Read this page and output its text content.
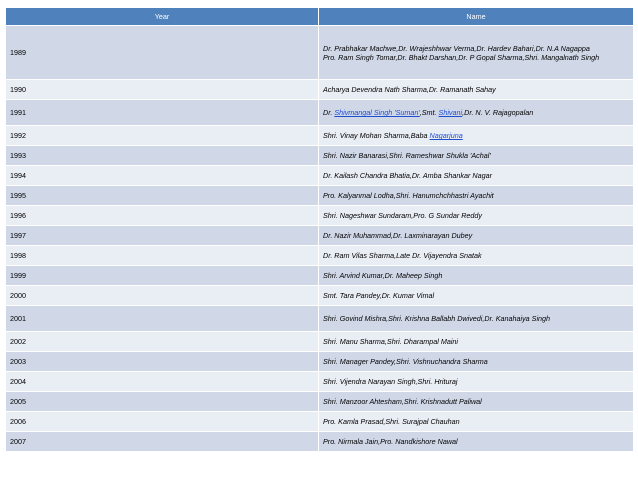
Year	Name
1989	Dr. Prabhakar Machwe,Dr. Wrajeshhwar Verma,Dr. Hardev Bahari,Dr. N.A Nagappa
Pro. Ram Singh Tomar,Dr. Bhakt Darshan,Dr. P Gopal Sharma,Shri. Mangalnath Singh

1990	Acharya Devendra Nath Sharma,Dr. Ramanath Sahay
1991	Dr. Shivmangal Singh 'Suman',Smt. Shivani,Dr. N. V. Rajagopalan
1992	Shri. Vinay Mohan Sharma,Baba Nagarjuna
1993	Shri. Nazir Banarasi,Shri. Rameshwar Shukla 'Achal'
1994	Dr. Kailash Chandra Bhatia,Dr. Amba Shankar Nagar
1995	Pro. Kalyanmal Lodha,Shri. Hanumchchhastri Ayachit
1996	Shri. Nageshwar Sundaram,Pro. G Sundar Reddy
1997	Dr. Nazir Muhammad,Dr. Laxminarayan Dubey
1998	Dr. Ram Vilas Sharma,Late Dr. Vijayendra Snatak
1999	Shri. Arvind Kumar,Dr. Maheep Singh
2000	Smt. Tara Pandey,Dr. Kumar Vimal
2001	Shri. Govind Mishra,Shri. Krishna Ballabh Dwivedi,Dr. Kanahaiya Singh
2002	Shri. Manu Sharma,Shri. Dharampal Maini
2003	Shri. Manager Pandey,Shri. Vishnuchandra Sharma
2004	Shri. Vijendra Narayan Singh,Shri. Hrituraj
2005	Shri. Manzoor Ahtesham,Shri. Krishnadutt Paliwal
2006	Pro. Kamla Prasad,Shri. Surajpal Chauhan
2007	Pro. Nirmala Jain,Pro. Nandkishore Nawal
